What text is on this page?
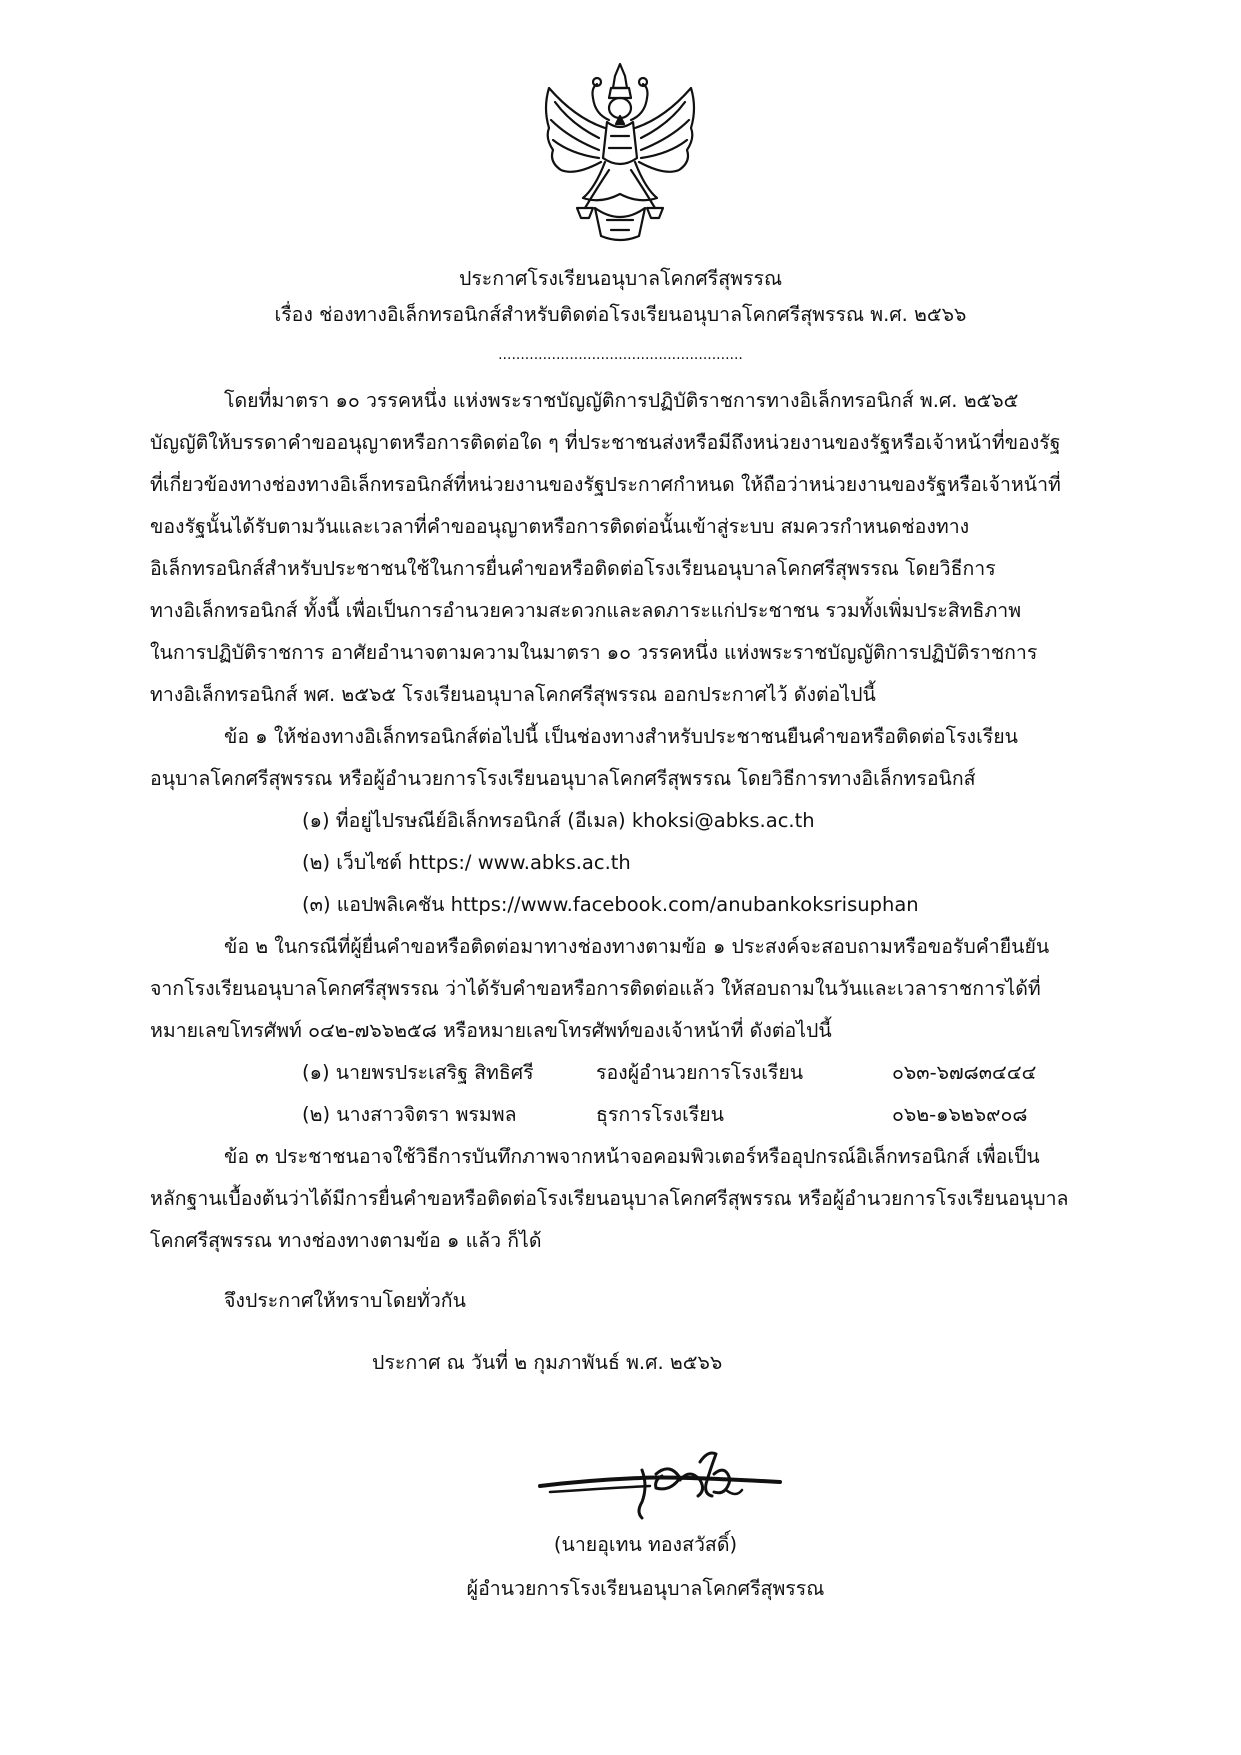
ประกาศโรงเรียนอนุบาลโคกศรีสุพรรณ
เรื่อง ช่องทางอิเล็กทรอนิกส์สำหรับติดต่อโรงเรียนอนุบาลโคกศรีสุพรรณ พ.ศ. ๒๕๖๖
.......................................................
โดยที่มาตรา ๑๐ วรรคหนึ่ง แห่งพระราชบัญญัติการปฏิบัติราชการทางอิเล็กทรอนิกส์ พ.ศ. ๒๕๖๕
บัญญัติให้บรรดาคำขออนุญาตหรือการติดต่อใด ๆ ที่ประชาชนส่งหรือมีถึงหน่วยงานของรัฐหรือเจ้าหน้าที่ของรัฐ
ที่เกี่ยวข้องทางช่องทางอิเล็กทรอนิกส์ที่หน่วยงานของรัฐประกาศกำหนด ให้ถือว่าหน่วยงานของรัฐหรือเจ้าหน้าที่
ของรัฐนั้นได้รับตามวันและเวลาที่คำขออนุญาตหรือการติดต่อนั้นเข้าสู่ระบบ สมควรกำหนดช่องทาง
อิเล็กทรอนิกส์สำหรับประชาชนใช้ในการยื่นคำขอหรือติดต่อโรงเรียนอนุบาลโคกศรีสุพรรณ โดยวิธีการ
ทางอิเล็กทรอนิกส์ ทั้งนี้ เพื่อเป็นการอำนวยความสะดวกและลดภาระแก่ประชาชน รวมทั้งเพิ่มประสิทธิภาพ
ในการปฏิบัติราชการ อาศัยอำนาจตามความในมาตรา ๑๐ วรรคหนึ่ง แห่งพระราชบัญญัติการปฏิบัติราชการ
ทางอิเล็กทรอนิกส์ พศ. ๒๕๖๕ โรงเรียนอนุบาลโคกศรีสุพรรณ ออกประกาศไว้ ดังต่อไปนี้
ข้อ ๑ ให้ช่องทางอิเล็กทรอนิกส์ต่อไปนี้ เป็นช่องทางสำหรับประชาชนยืนคำขอหรือติดต่อโรงเรียน
อนุบาลโคกศรีสุพรรณ หรือผู้อำนวยการโรงเรียนอนุบาลโคกศรีสุพรรณ โดยวิธีการทางอิเล็กทรอนิกส์
(๑) ที่อยู่ไปรษณีย์อิเล็กทรอนิกส์ (อีเมล) khoksi@abks.ac.th
(๒) เว็บไซต์ https:/ www.abks.ac.th
(๓) แอปพลิเคชัน https://www.facebook.com/anubankoksrisuphan
ข้อ ๒ ในกรณีที่ผู้ยื่นคำขอหรือติดต่อมาทางช่องทางตามข้อ ๑ ประสงค์จะสอบถามหรือขอรับคำยืนยัน
จากโรงเรียนอนุบาลโคกศรีสุพรรณ ว่าได้รับคำขอหรือการติดต่อแล้ว ให้สอบถามในวันและเวลาราชการได้ที่
หมายเลขโทรศัพท์ ๐๔๒-๗๖๖๒๕๘ หรือหมายเลขโทรศัพท์ของเจ้าหน้าที่ ดังต่อไปนี้
(๑) นายพรประเสริฐ สิทธิศรี	รองผู้อำนวยการโรงเรียน	๐๖๓-๖๗๘๓๔๔๔
(๒) นางสาวจิตรา พรมพล	ธุรการโรงเรียน	๐๖๒-๑๖๒๖๙๐๘
ข้อ ๓ ประชาชนอาจใช้วิธีการบันทึกภาพจากหน้าจอคอมพิวเตอร์หรืออุปกรณ์อิเล็กทรอนิกส์ เพื่อเป็น
หลักฐานเบื้องต้นว่าได้มีการยื่นคำขอหรือติดต่อโรงเรียนอนุบาลโคกศรีสุพรรณ หรือผู้อำนวยการโรงเรียนอนุบาล
โคกศรีสุพรรณ ทางช่องทางตามข้อ ๑ แล้ว ก็ได้
จึงประกาศให้ทราบโดยทั่วกัน
ประกาศ ณ วันที่ ๒ กุมภาพันธ์ พ.ศ. ๒๕๖๖
(นายอุเทน ทองสวัสดิ์)
ผู้อำนวยการโรงเรียนอนุบาลโคกศรีสุพรรณ
